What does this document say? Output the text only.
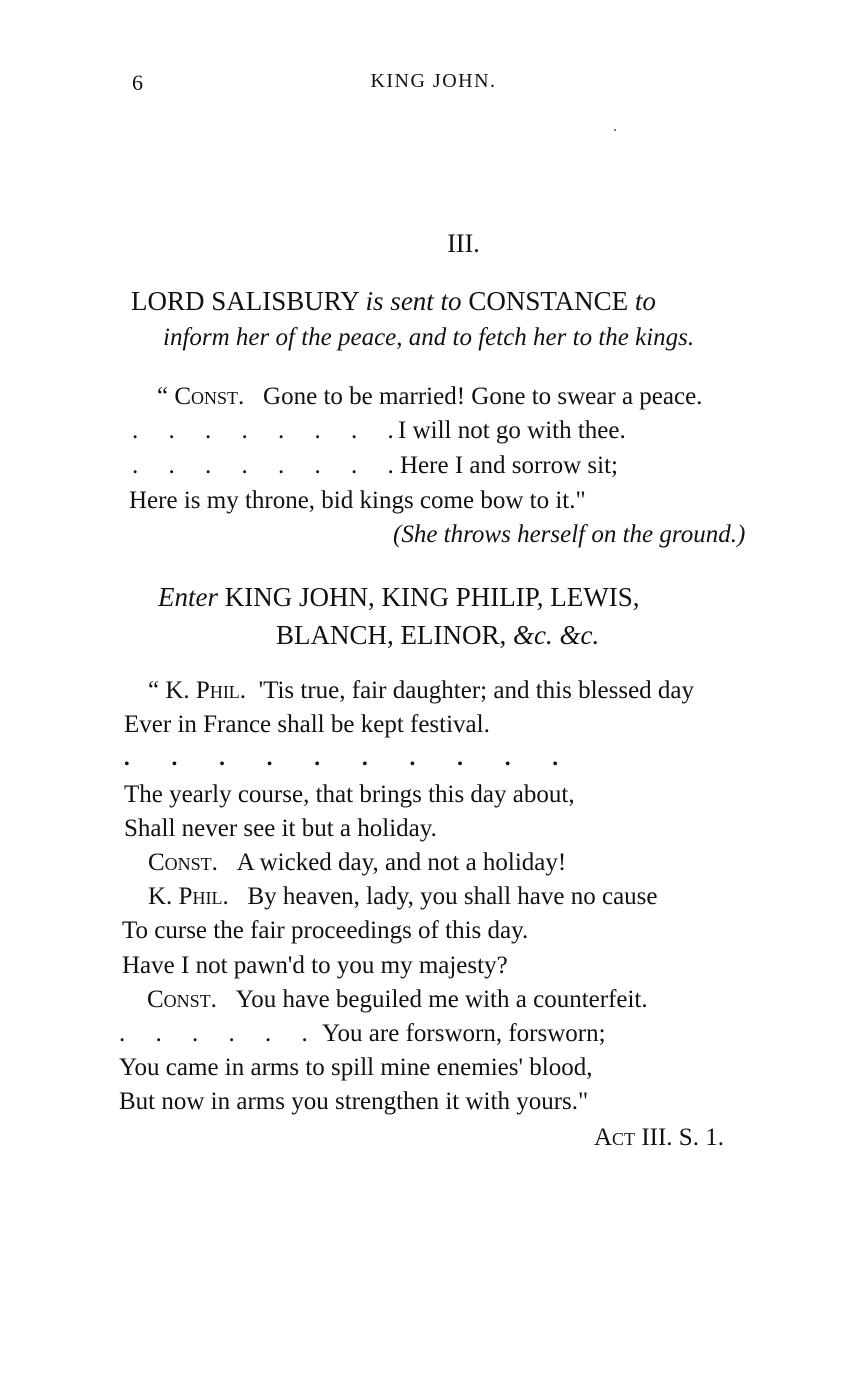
6	KING JOHN.
III.
LORD SALISBURY is sent to CONSTANCE to
inform her of the peace, and to fetch her to the kings.
“ Const. Gone to be married! Gone to swear a peace.
. . . . . . . .
I will not go with thee.
. . . . . . . .
Here I and sorrow sit;
Here is my throne, bid kings come bow to it."
(She throws herself on the ground.)
Enter KING JOHN, KING PHILIP, LEWIS,
BLANCH, ELINOR, &c. &c.
“ K. Phil. 'Tis true, fair daughter; and this blessed day
Ever in France shall be kept festival.
• • • • • • • • • •
The yearly course, that brings this day about,
Shall never see it but a holiday.
Const. A wicked day, and not a holiday!
K. Phil. By heaven, lady, you shall have no cause
To curse the fair proceedings of this day.
Have I not pawn'd to you my majesty?
Const. You have beguiled me with a counterfeit.
. . . . . . You are forsworn, forsworn;
You came in arms to spill mine enemies' blood,
But now in arms you strengthen it with yours."
Act III. S. 1.
